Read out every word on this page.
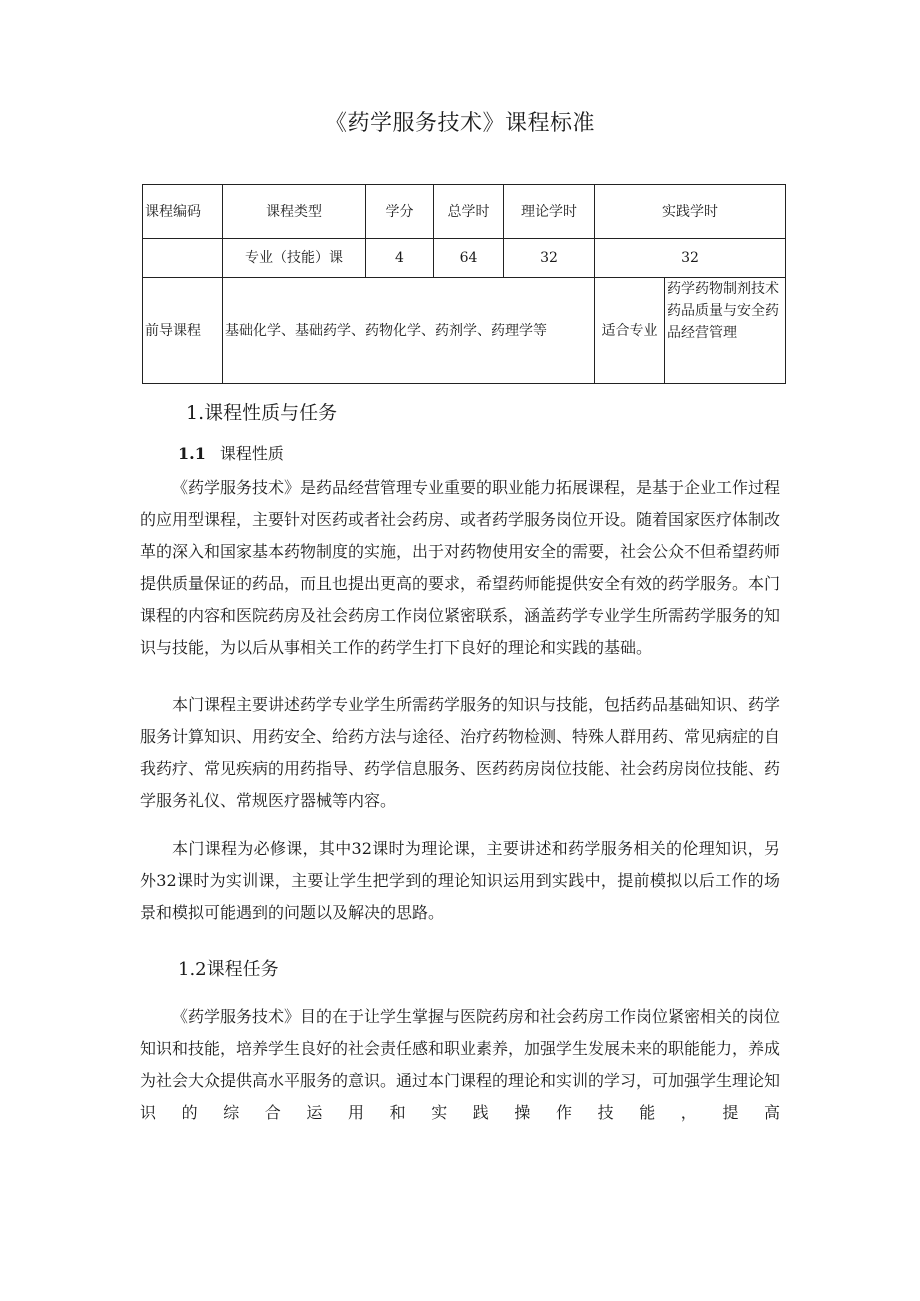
《药学服务技术》课程标准
课程编码	课程类型	学分	总学时	理论学时	实践学时	
	专业（技能）课	4	64	32	32	
前导课程	基础化学、基础药学、药物化学、药剂学、药理学等				适合专业	药学药物制剂技术药品质量与安全药品经营管理
1.课程性质与任务
1.1 课程性质

《药学服务技术》是药品经营管理专业重要的职业能力拓展课程，是基于企业工作过程的应用型课程，主要针对医药或者社会药房、或者药学服务岗位开设。随着国家医疗体制改革的深入和国家基本药物制度的实施，出于对药物使用安全的需要，社会公众不但希望药师提供质量保证的药品，而且也提出更高的要求，希望药师能提供安全有效的药学服务。本门课程的内容和医院药房及社会药房工作岗位紧密联系，涵盖药学专业学生所需药学服务的知识与技能，为以后从事相关工作的药学生打下良好的理论和实践的基础。

本门课程主要讲述药学专业学生所需药学服务的知识与技能，包括药品基础知识、药学服务计算知识、用药安全、给药方法与途径、治疗药物检测、特殊人群用药、常见病症的自我药疗、常见疾病的用药指导、药学信息服务、医药药房岗位技能、社会药房岗位技能、药学服务礼仪、常规医疗器械等内容。

本门课程为必修课，其中32课时为理论课，主要讲述和药学服务相关的伦理知识，另外32课时为实训课，主要让学生把学到的理论知识运用到实践中，提前模拟以后工作的场景和模拟可能遇到的问题以及解决的思路。

1.2课程任务

《药学服务技术》目的在于让学生掌握与医院药房和社会药房工作岗位紧密相关的岗位知识和技能，培养学生良好的社会责任感和职业素养，加强学生发展未来的职能能力，养成为社会大众提供高水平服务的意识。通过本门课程的理论和实训的学习，可加强学生理论知识的综合运用和实践操作技能，提高
